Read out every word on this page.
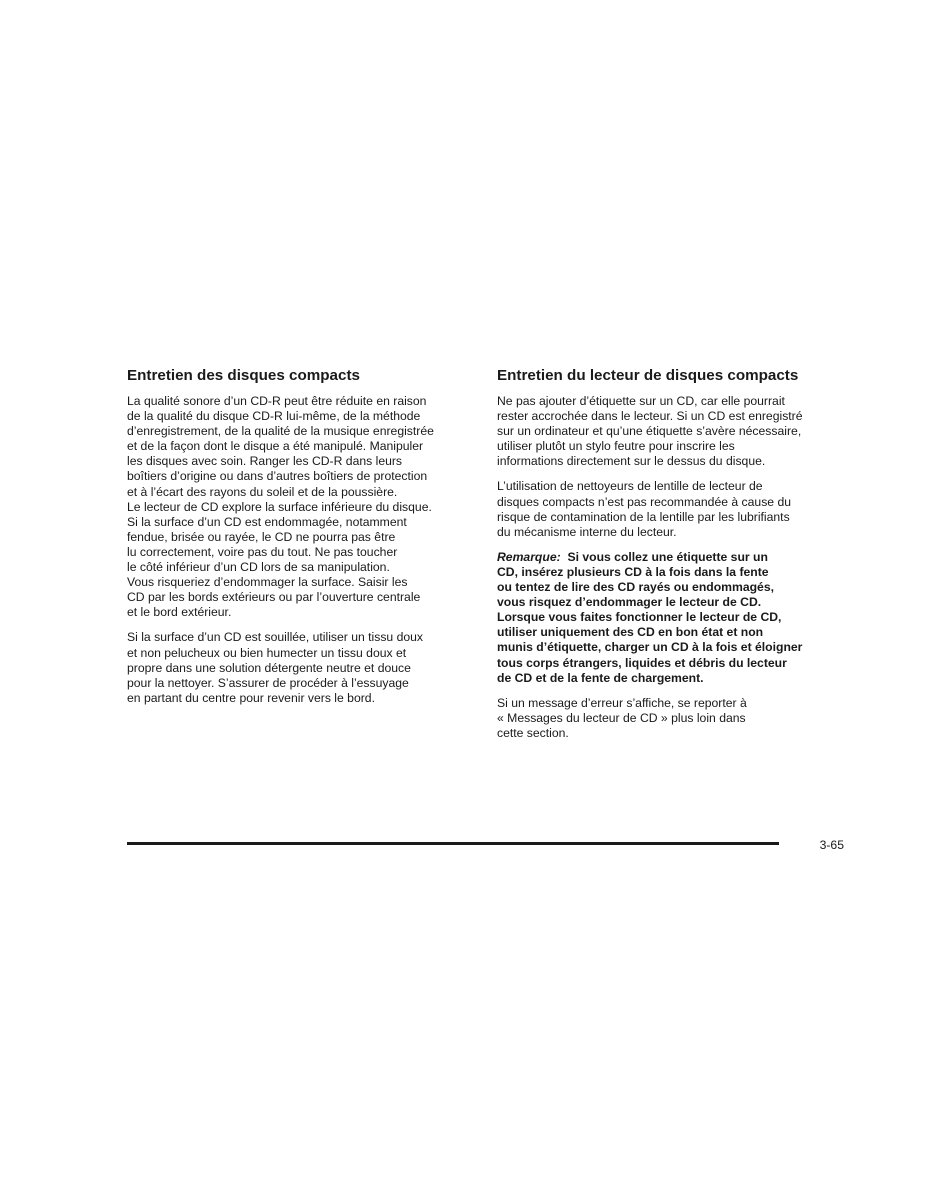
Entretien des disques compacts

La qualité sonore d’un CD-R peut être réduite en raison
de la qualité du disque CD-R lui-même, de la méthode
d’enregistrement, de la qualité de la musique enregistrée
et de la façon dont le disque a été manipulé. Manipuler
les disques avec soin. Ranger les CD-R dans leurs
boîtiers d’origine ou dans d’autres boîtiers de protection
et à l’écart des rayons du soleil et de la poussière.
Le lecteur de CD explore la surface inférieure du disque.
Si la surface d’un CD est endommagée, notamment
fendue, brisée ou rayée, le CD ne pourra pas être
lu correctement, voire pas du tout. Ne pas toucher
le côté inférieur d’un CD lors de sa manipulation.
Vous risqueriez d’endommager la surface. Saisir les
CD par les bords extérieurs ou par l’ouverture centrale
et le bord extérieur.

Si la surface d’un CD est souillée, utiliser un tissu doux
et non pelucheux ou bien humecter un tissu doux et
propre dans une solution détergente neutre et douce
pour la nettoyer. S’assurer de procéder à l’essuyage
en partant du centre pour revenir vers le bord.

Entretien du lecteur de disques compacts

Ne pas ajouter d’étiquette sur un CD, car elle pourrait
rester accrochée dans le lecteur. Si un CD est enregistré
sur un ordinateur et qu’une étiquette s’avère nécessaire,
utiliser plutôt un stylo feutre pour inscrire les
informations directement sur le dessus du disque.

L’utilisation de nettoyeurs de lentille de lecteur de
disques compacts n’est pas recommandée à cause du
risque de contamination de la lentille par les lubrifiants
du mécanisme interne du lecteur.

Remarque: Si vous collez une étiquette sur un
CD, insérez plusieurs CD à la fois dans la fente
ou tentez de lire des CD rayés ou endommagés,
vous risquez d’endommager le lecteur de CD.
Lorsque vous faites fonctionner le lecteur de CD,
utiliser uniquement des CD en bon état et non
munis d’étiquette, charger un CD à la fois et éloigner
tous corps étrangers, liquides et débris du lecteur
de CD et de la fente de chargement.

Si un message d’erreur s’affiche, se reporter à
« Messages du lecteur de CD » plus loin dans
cette section.

3-65
